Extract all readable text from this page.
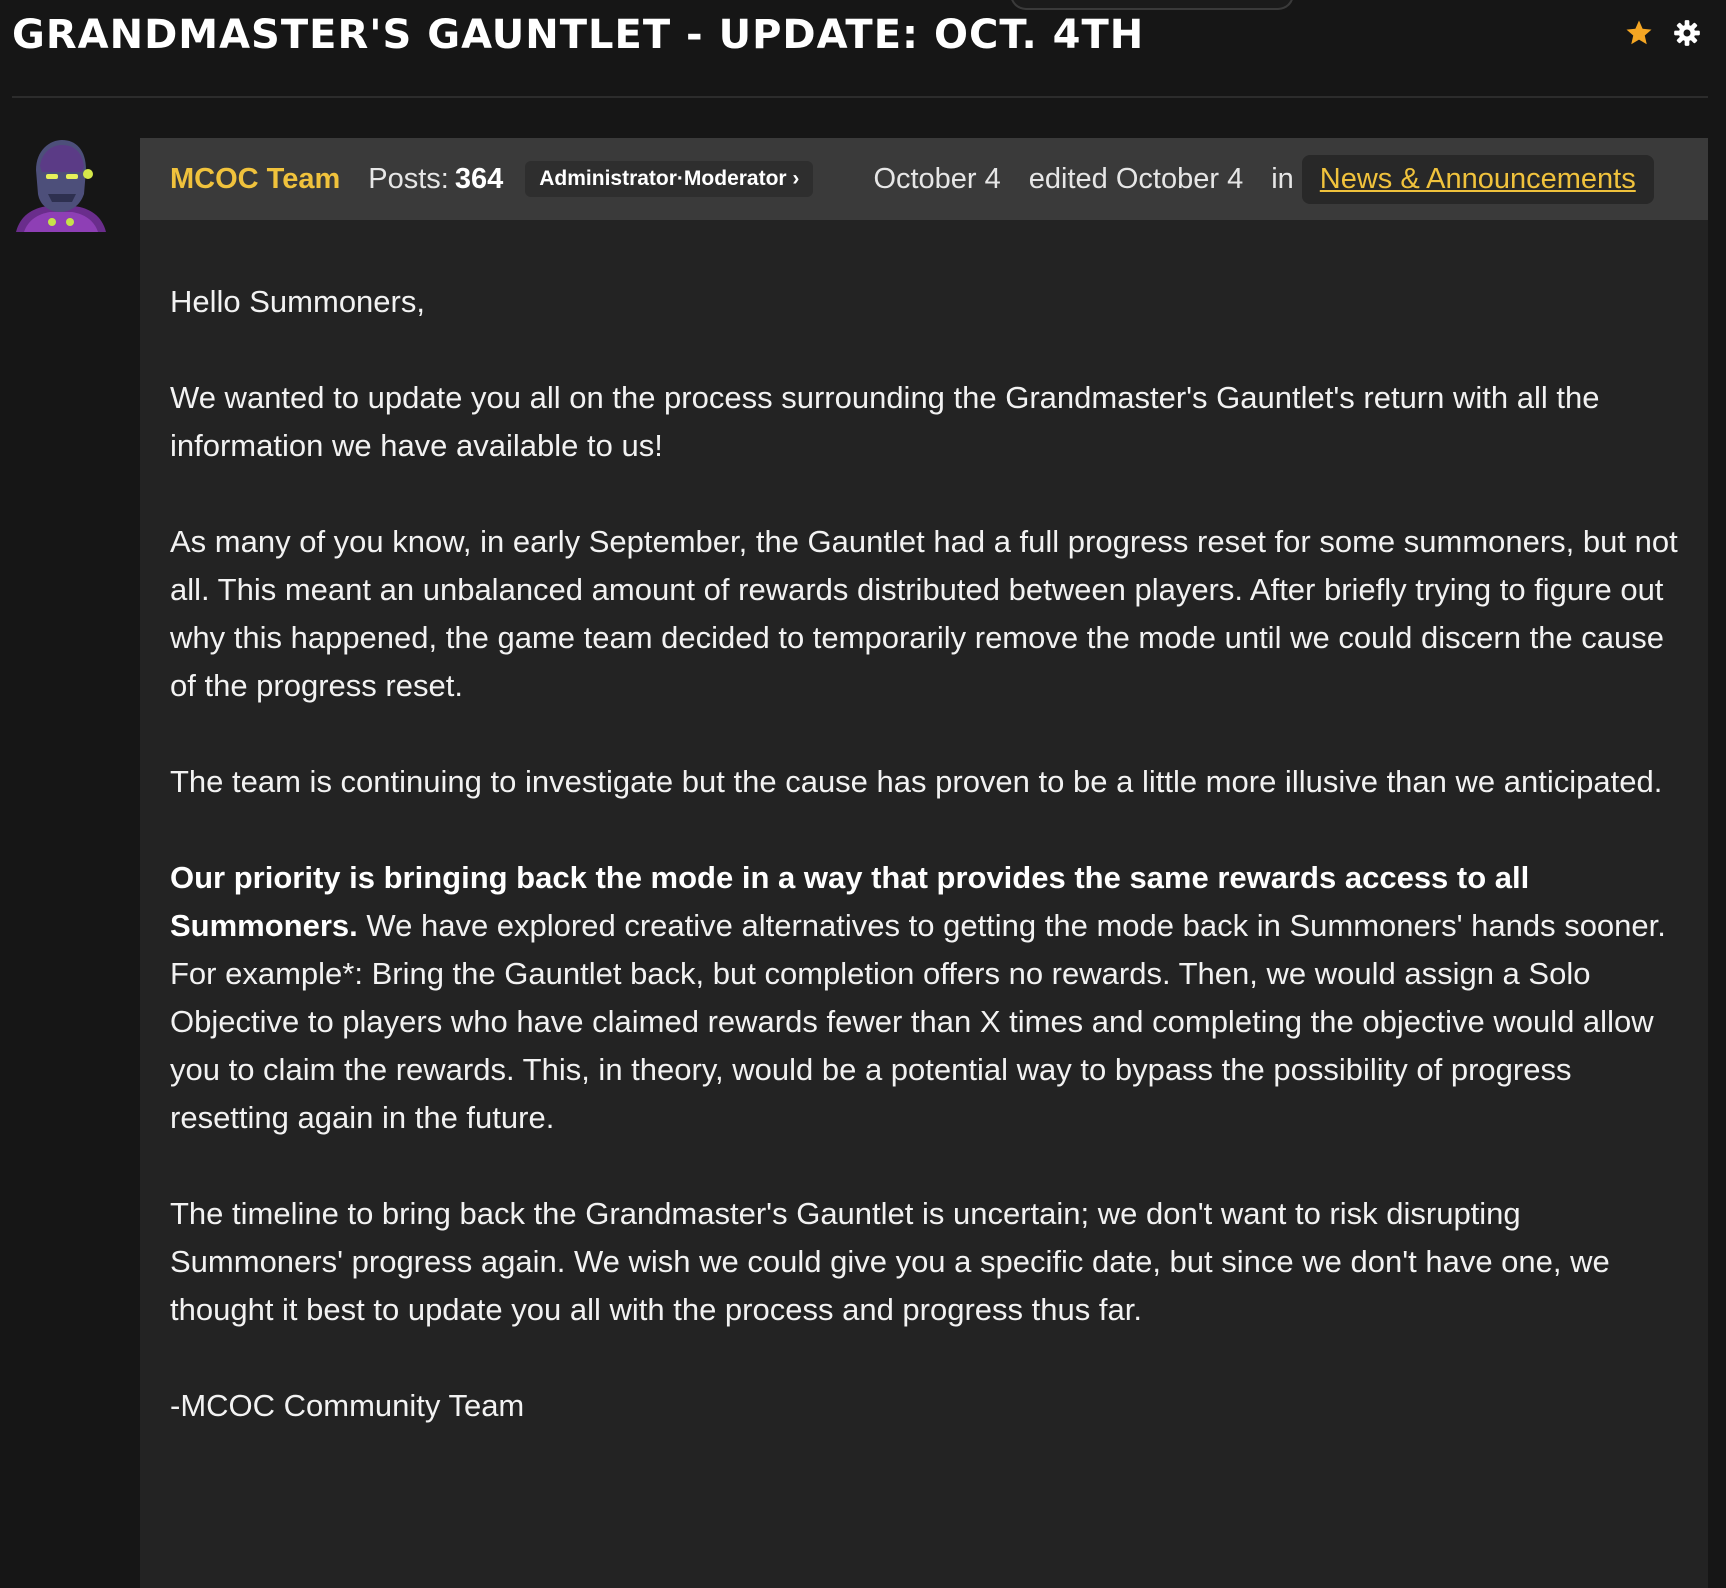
GRANDMASTER'S GAUNTLET - UPDATE: OCT. 4TH
MCOC Team Posts: 364	Administrator·Moderator ›	October 4 edited October 4 in News & Announcements

Hello Summoners,

We wanted to update you all on the process surrounding the Grandmaster's Gauntlet's return with all the information we have available to us!

As many of you know, in early September, the Gauntlet had a full progress reset for some summoners, but not all. This meant an unbalanced amount of rewards distributed between players. After briefly trying to figure out why this happened, the game team decided to temporarily remove the mode until we could discern the cause of the progress reset.

The team is continuing to investigate but the cause has proven to be a little more illusive than we anticipated.

Our priority is bringing back the mode in a way that provides the same rewards access to all Summoners. We have explored creative alternatives to getting the mode back in Summoners' hands sooner. For example*: Bring the Gauntlet back, but completion offers no rewards. Then, we would assign a Solo Objective to players who have claimed rewards fewer than X times and completing the objective would allow you to claim the rewards. This, in theory, would be a potential way to bypass the possibility of progress resetting again in the future.

The timeline to bring back the Grandmaster's Gauntlet is uncertain; we don't want to risk disrupting Summoners' progress again. We wish we could give you a specific date, but since we don't have one, we thought it best to update you all with the process and progress thus far.

-MCOC Community Team
